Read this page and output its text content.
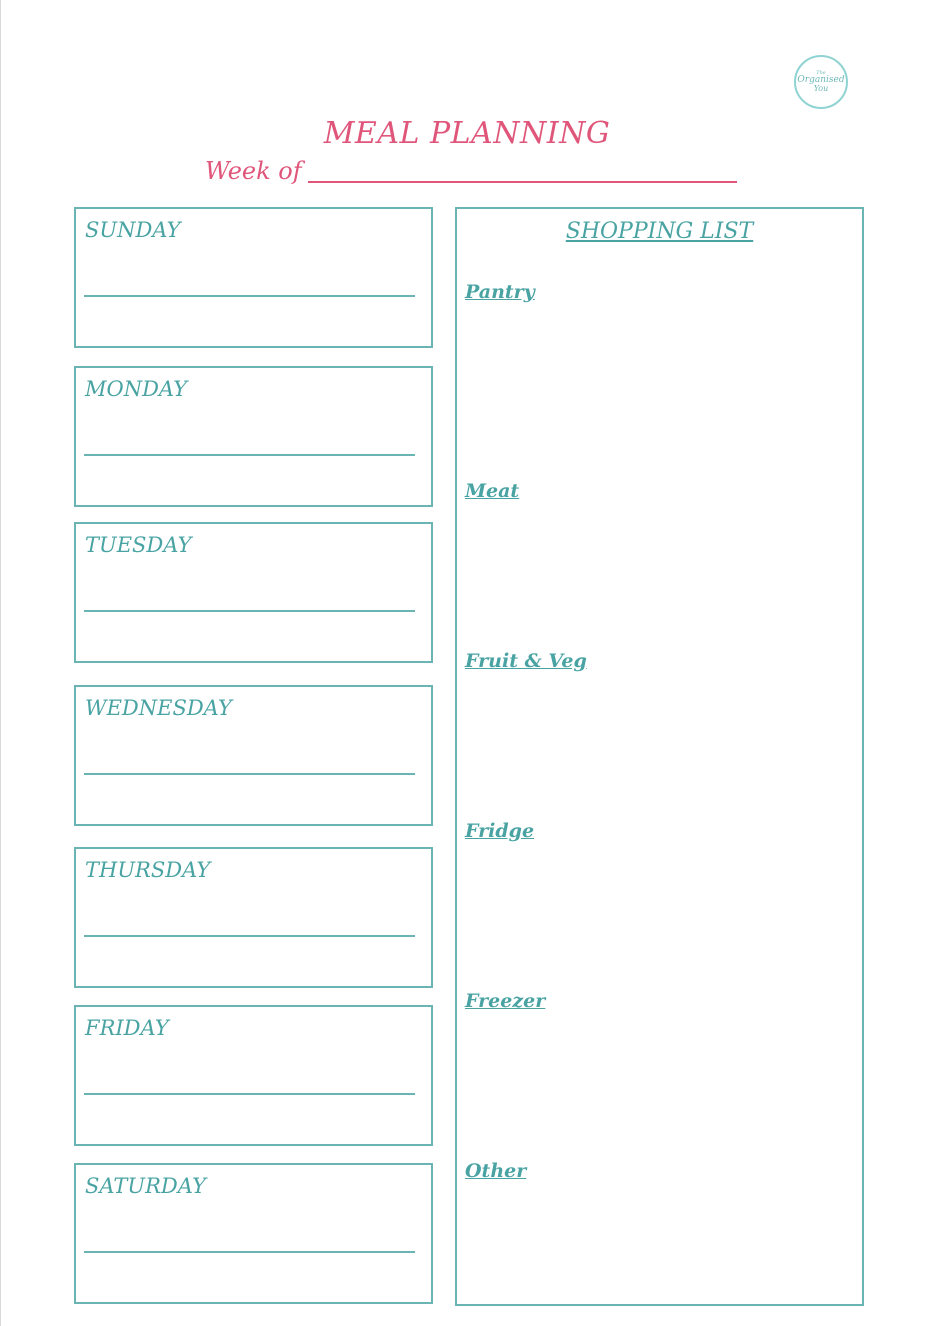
The
Organised
You
MEAL PLANNING
Week of
SUNDAY
MONDAY
TUESDAY
WEDNESDAY
THURSDAY
FRIDAY
SATURDAY
SHOPPING LIST
Pantry
Meat
Fruit & Veg
Fridge
Freezer
Other
